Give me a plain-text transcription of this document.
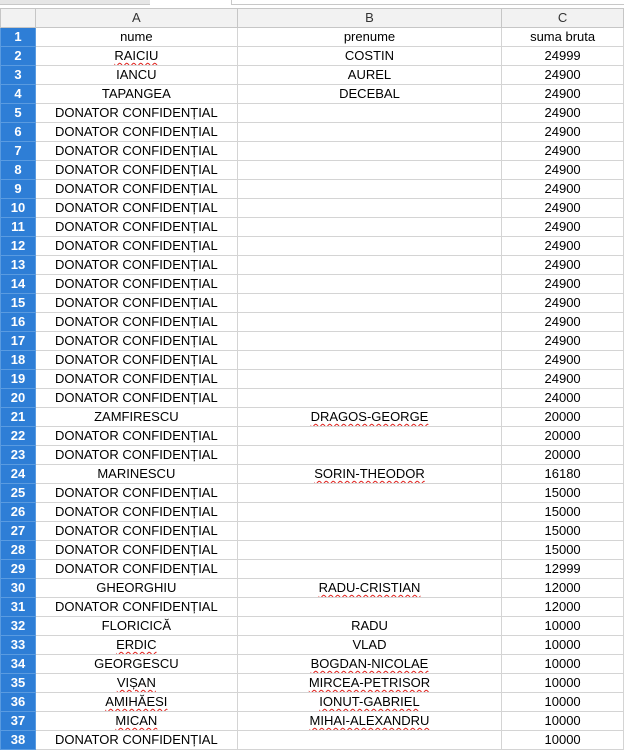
	A	B	C
1	nume	prenume	suma bruta
2	RAICIU	COSTIN	24999
3	IANCU	AUREL	24900
4	TAPANGEA	DECEBAL	24900
5	DONATOR CONFIDENȚIAL		24900
6	DONATOR CONFIDENȚIAL		24900
7	DONATOR CONFIDENȚIAL		24900
8	DONATOR CONFIDENȚIAL		24900
9	DONATOR CONFIDENȚIAL		24900
10	DONATOR CONFIDENȚIAL		24900
11	DONATOR CONFIDENȚIAL		24900
12	DONATOR CONFIDENȚIAL		24900
13	DONATOR CONFIDENȚIAL		24900
14	DONATOR CONFIDENȚIAL		24900
15	DONATOR CONFIDENȚIAL		24900
16	DONATOR CONFIDENȚIAL		24900
17	DONATOR CONFIDENȚIAL		24900
18	DONATOR CONFIDENȚIAL		24900
19	DONATOR CONFIDENȚIAL		24900
20	DONATOR CONFIDENȚIAL		24000
21	ZAMFIRESCU	DRAGOS-GEORGE	20000
22	DONATOR CONFIDENȚIAL		20000
23	DONATOR CONFIDENȚIAL		20000
24	MARINESCU	SORIN-THEODOR	16180
25	DONATOR CONFIDENȚIAL		15000
26	DONATOR CONFIDENȚIAL		15000
27	DONATOR CONFIDENȚIAL		15000
28	DONATOR CONFIDENȚIAL		15000
29	DONATOR CONFIDENȚIAL		12999
30	GHEORGHIU	RADU-CRISTIAN	12000
31	DONATOR CONFIDENȚIAL		12000
32	FLORICICĂ	RADU	10000
33	ERDIC	VLAD	10000
34	GEORGESCU	BOGDAN-NICOLAE	10000
35	VIȘAN	MIRCEA-PETRISOR	10000
36	AMIHĂESI	IONUT-GABRIEL	10000
37	MICAN	MIHAI-ALEXANDRU	10000
38	DONATOR CONFIDENȚIAL		10000
